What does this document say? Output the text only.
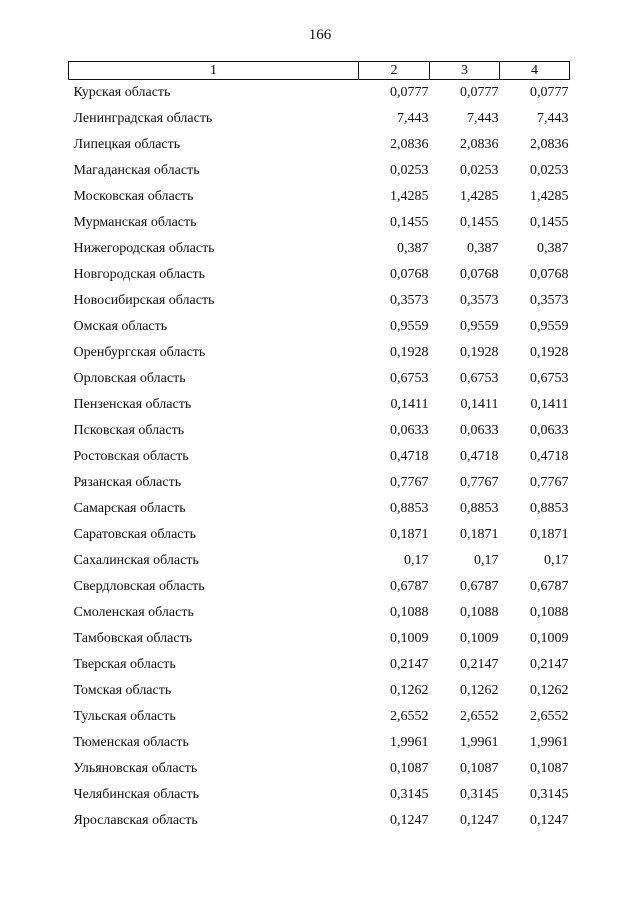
166
1	2	3	4
Курская область	0,0777	0,0777	0,0777
Ленинградская область	7,443	7,443	7,443
Липецкая область	2,0836	2,0836	2,0836
Магаданская область	0,0253	0,0253	0,0253
Московская область	1,4285	1,4285	1,4285
Мурманская область	0,1455	0,1455	0,1455
Нижегородская область	0,387	0,387	0,387
Новгородская область	0,0768	0,0768	0,0768
Новосибирская область	0,3573	0,3573	0,3573
Омская область	0,9559	0,9559	0,9559
Оренбургская область	0,1928	0,1928	0,1928
Орловская область	0,6753	0,6753	0,6753
Пензенская область	0,1411	0,1411	0,1411
Псковская область	0,0633	0,0633	0,0633
Ростовская область	0,4718	0,4718	0,4718
Рязанская область	0,7767	0,7767	0,7767
Самарская область	0,8853	0,8853	0,8853
Саратовская область	0,1871	0,1871	0,1871
Сахалинская область	0,17	0,17	0,17
Свердловская область	0,6787	0,6787	0,6787
Смоленская область	0,1088	0,1088	0,1088
Тамбовская область	0,1009	0,1009	0,1009
Тверская область	0,2147	0,2147	0,2147
Томская область	0,1262	0,1262	0,1262
Тульская область	2,6552	2,6552	2,6552
Тюменская область	1,9961	1,9961	1,9961
Ульяновская область	0,1087	0,1087	0,1087
Челябинская область	0,3145	0,3145	0,3145
Ярославская область	0,1247	0,1247	0,1247
